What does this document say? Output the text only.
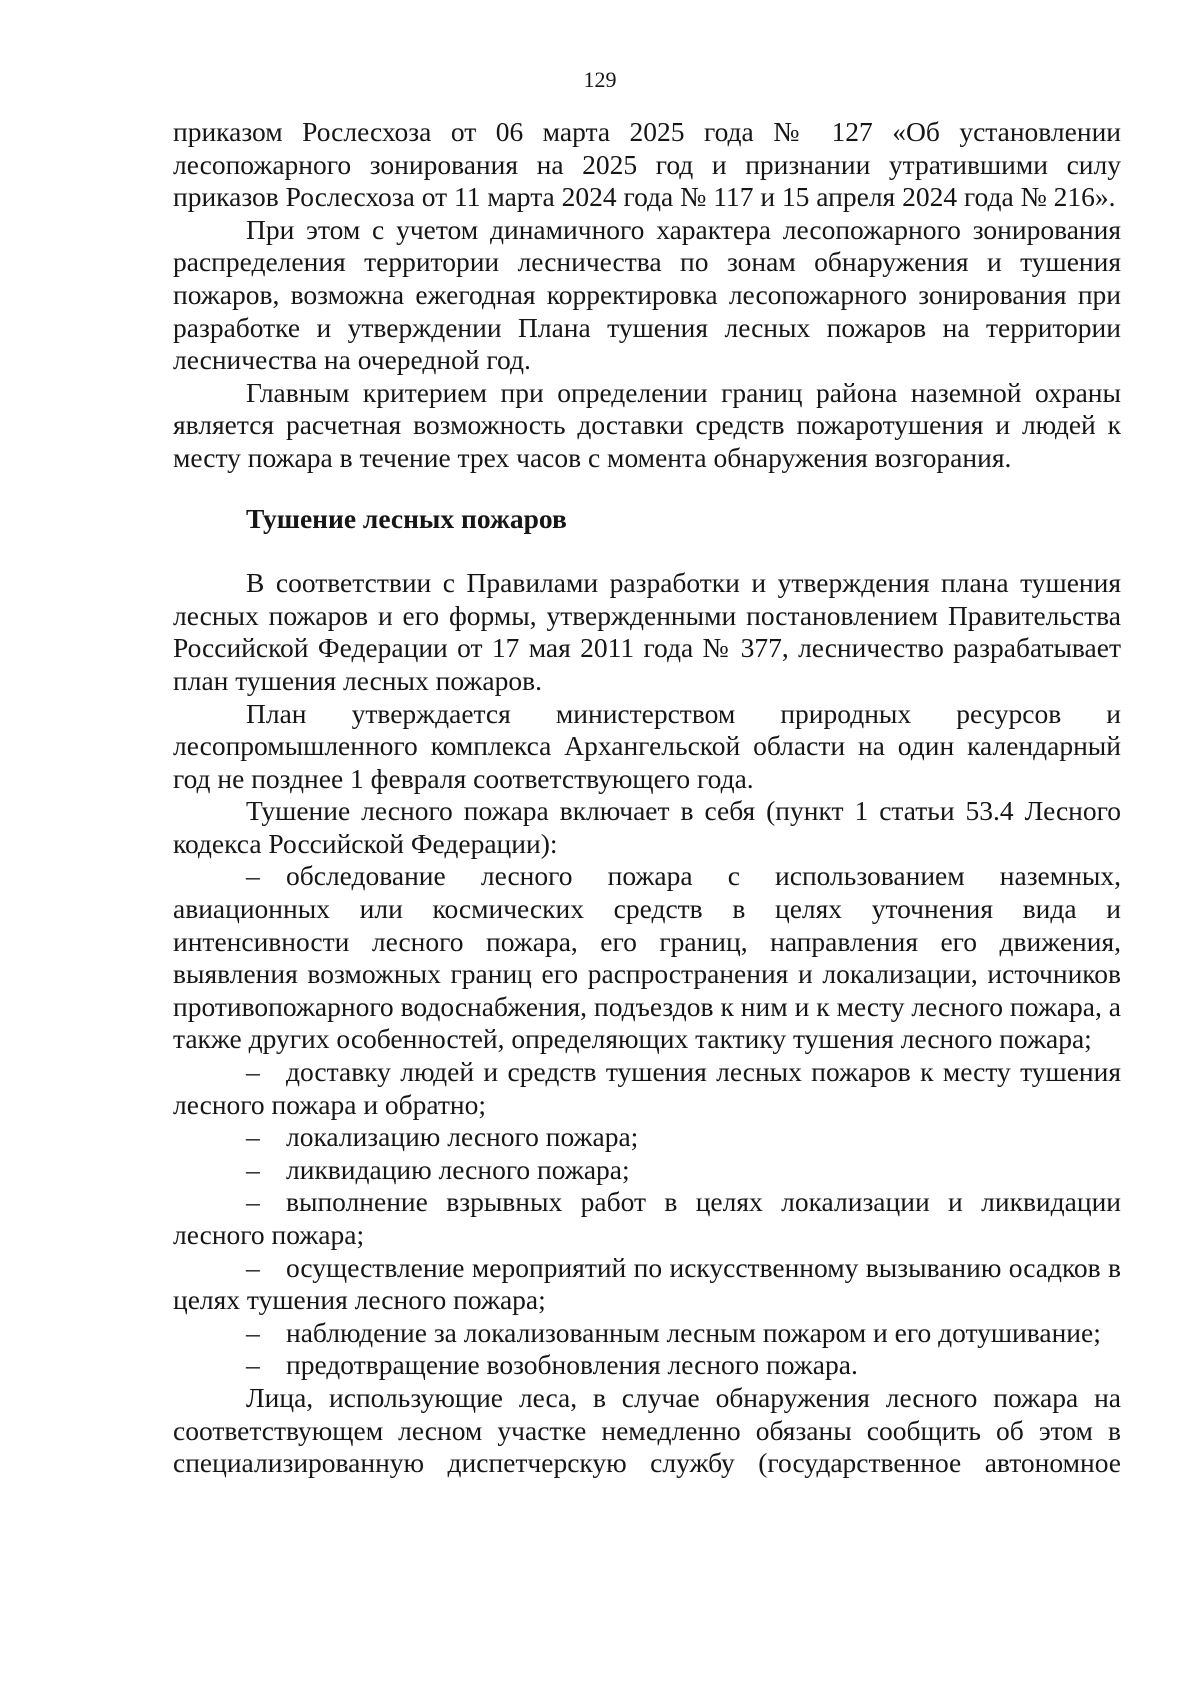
129

приказом Рослесхоза от 06 марта 2025 года № 127 «Об установлении лесопожарного зонирования на 2025 год и признании утратившими силу приказов Рослесхоза от 11 марта 2024 года № 117 и 15 апреля 2024 года № 216».

При этом с учетом динамичного характера лесопожарного зонирования распределения территории лесничества по зонам обнаружения и тушения пожаров, возможна ежегодная корректировка лесопожарного зонирования при разработке и утверждении Плана тушения лесных пожаров на территории лесничества на очередной год.

Главным критерием при определении границ района наземной охраны является расчетная возможность доставки средств пожаротушения и людей к месту пожара в течение трех часов с момента обнаружения возгорания.

Тушение лесных пожаров

В соответствии с Правилами разработки и утверждения плана тушения лесных пожаров и его формы, утвержденными постановлением Правительства Российской Федерации от 17 мая 2011 года № 377, лесничество разрабатывает план тушения лесных пожаров.

План утверждается министерством природных ресурсов и лесопромышленного комплекса Архангельской области на один календарный год не позднее 1 февраля соответствующего года.

Тушение лесного пожара включает в себя (пункт 1 статьи 53.4 Лесного кодекса Российской Федерации):

– обследование лесного пожара с использованием наземных, авиационных или космических средств в целях уточнения вида и интенсивности лесного пожара, его границ, направления его движения, выявления возможных границ его распространения и локализации, источников противопожарного водоснабжения, подъездов к ним и к месту лесного пожара, а также других особенностей, определяющих тактику тушения лесного пожара;

– доставку людей и средств тушения лесных пожаров к месту тушения лесного пожара и обратно;

– локализацию лесного пожара;

– ликвидацию лесного пожара;

– выполнение взрывных работ в целях локализации и ликвидации лесного пожара;

– осуществление мероприятий по искусственному вызыванию осадков в целях тушения лесного пожара;

– наблюдение за локализованным лесным пожаром и его дотушивание;

– предотвращение возобновления лесного пожара.

Лица, использующие леса, в случае обнаружения лесного пожара на соответствующем лесном участке немедленно обязаны сообщить об этом в специализированную диспетчерскую службу (государственное автономное
